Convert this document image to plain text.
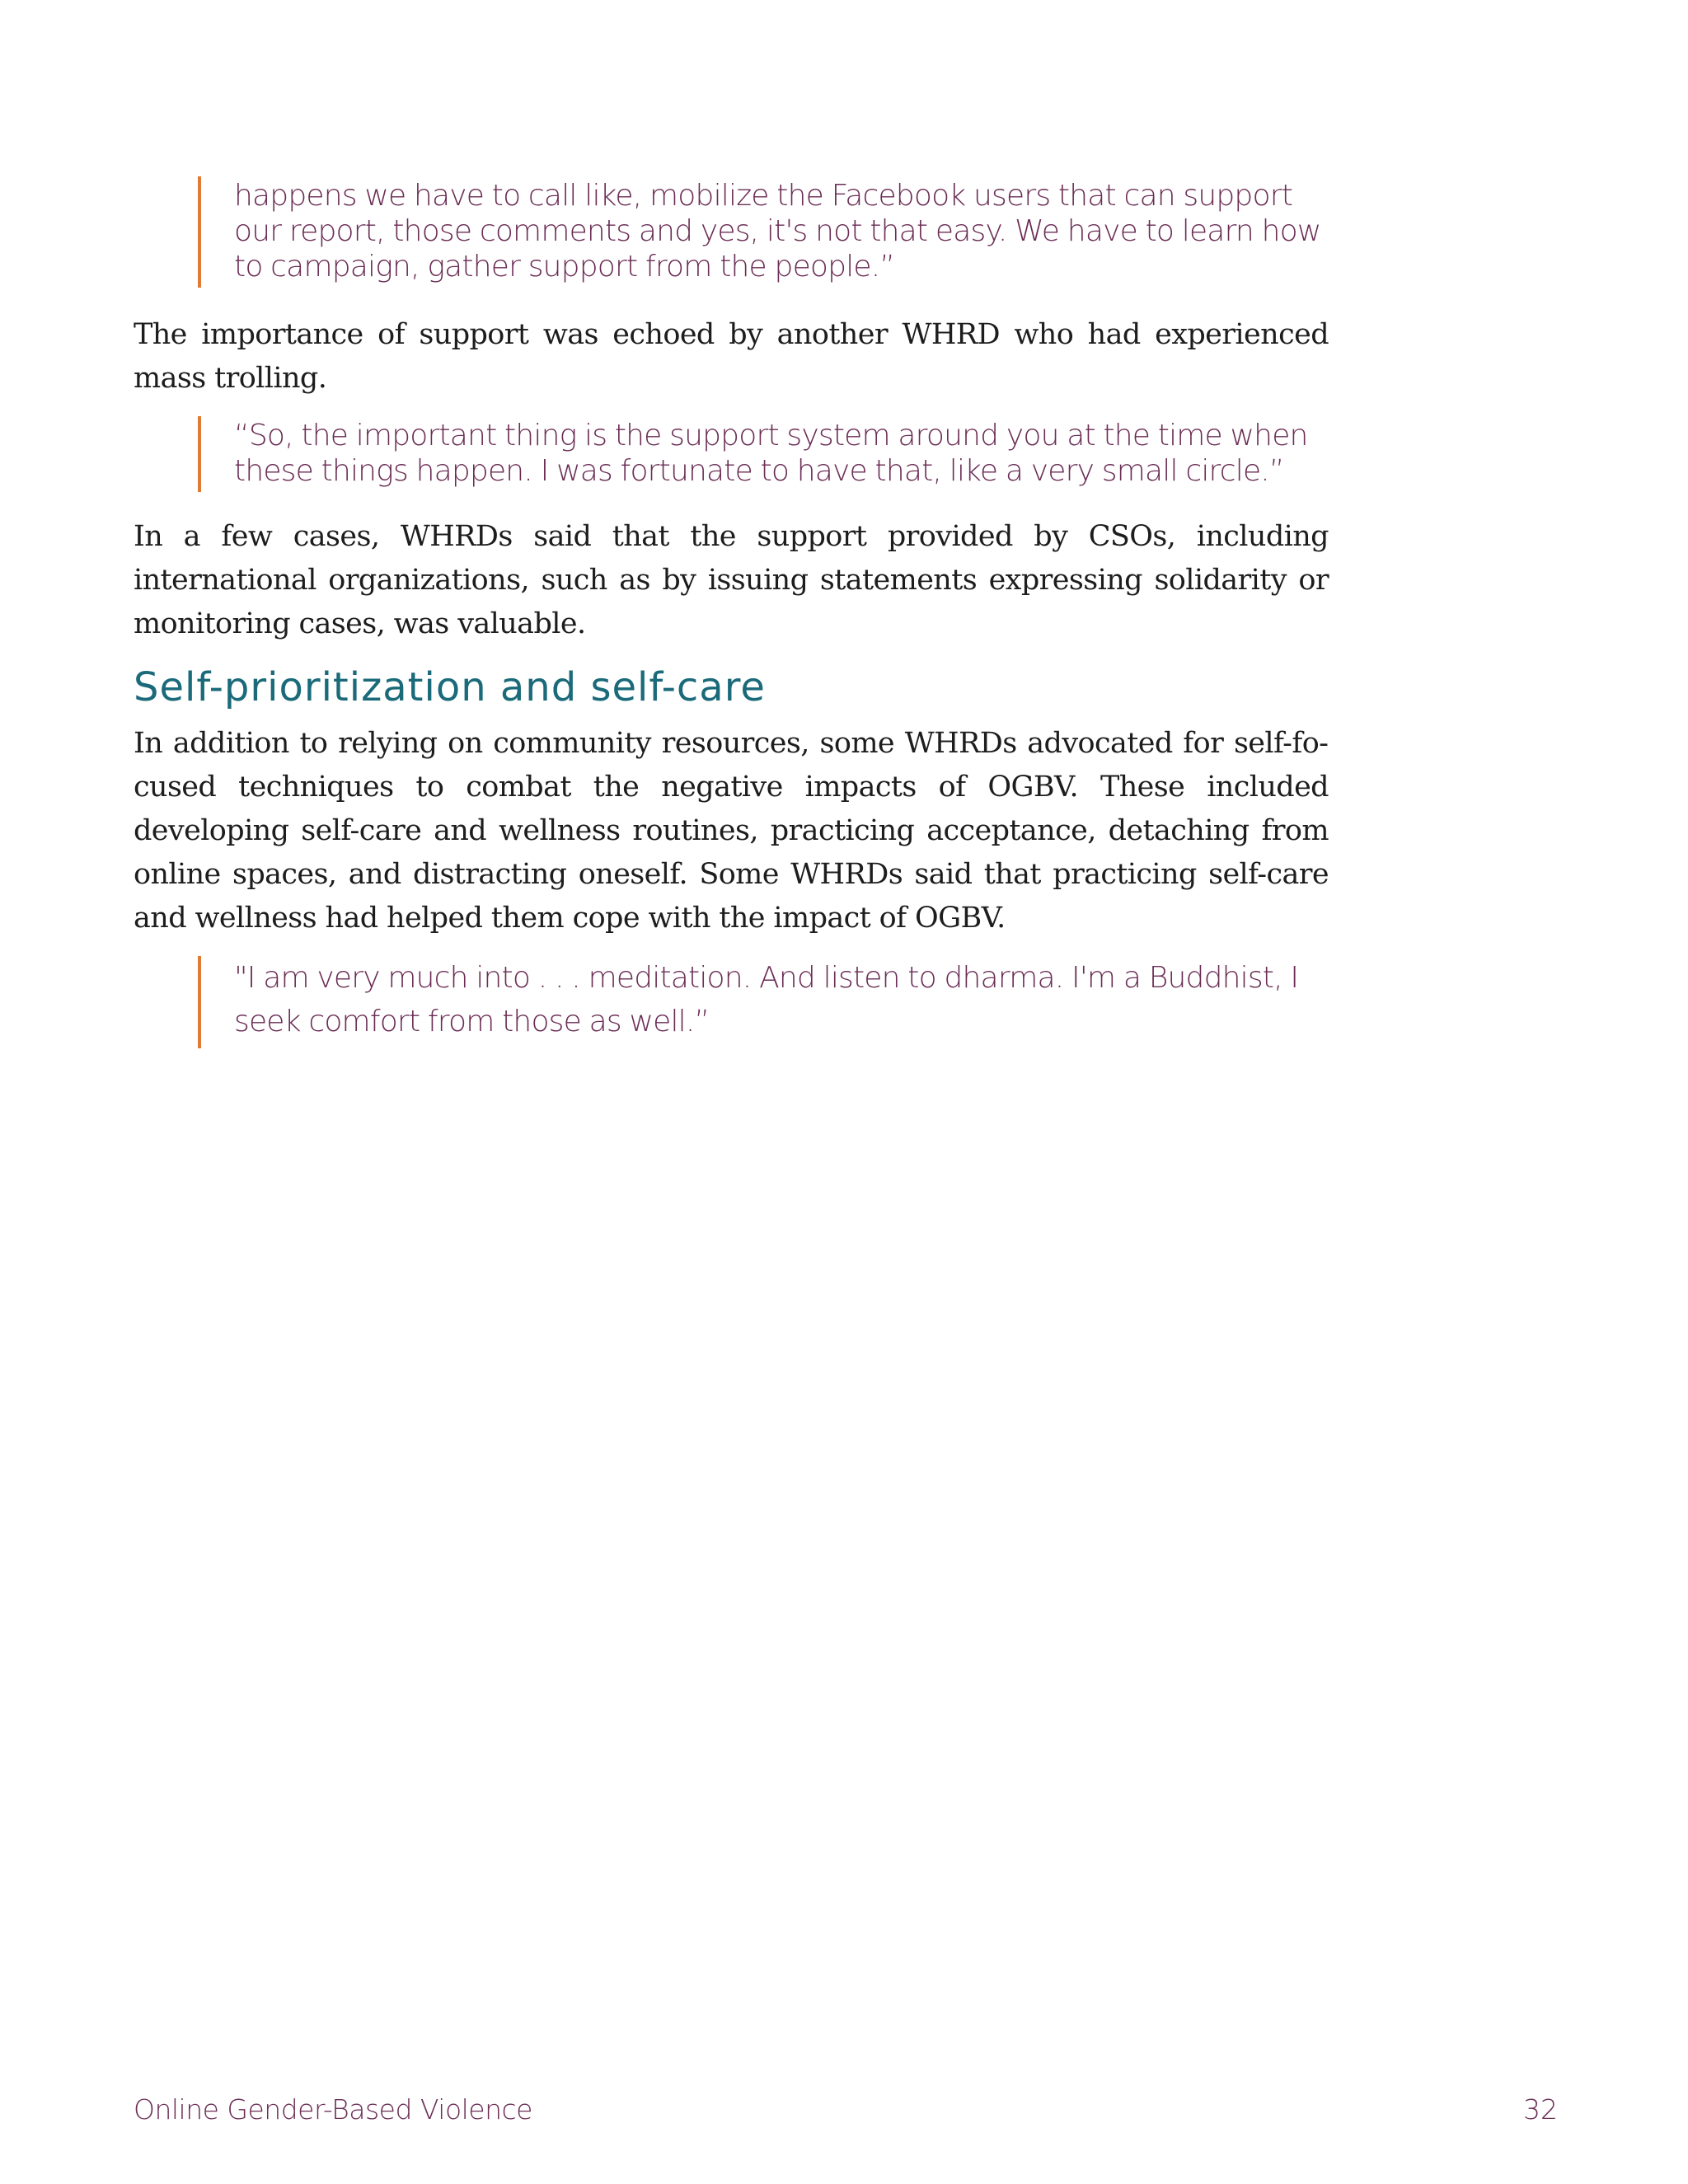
happens we have to call like, mobilize the Facebook users that can support

our report, those comments and yes, it's not that easy. We have to learn how

to campaign, gather support from the people.”

The importance of support was echoed by another WHRD who had experienced mass trolling.

“So, the important thing is the support system around you at the time when

these things happen. I was fortunate to have that, like a very small circle.”

In a few cases, WHRDs said that the support provided by CSOs, including international organizations, such as by issuing statements expressing solidarity or monitoring cases, was valuable.

Self-prioritization and self-care

In addition to relying on community resources, some WHRDs advocated for self-focused techniques to combat the negative impacts of OGBV. These included developing self-care and wellness routines, practicing acceptance, detaching from online spaces, and distracting oneself. Some WHRDs said that practicing self-care and wellness had helped them cope with the impact of OGBV.

"I am very much into . . . meditation. And listen to dharma. I'm a Buddhist, I

seek comfort from those as well.”

Online Gender-Based Violence	32
